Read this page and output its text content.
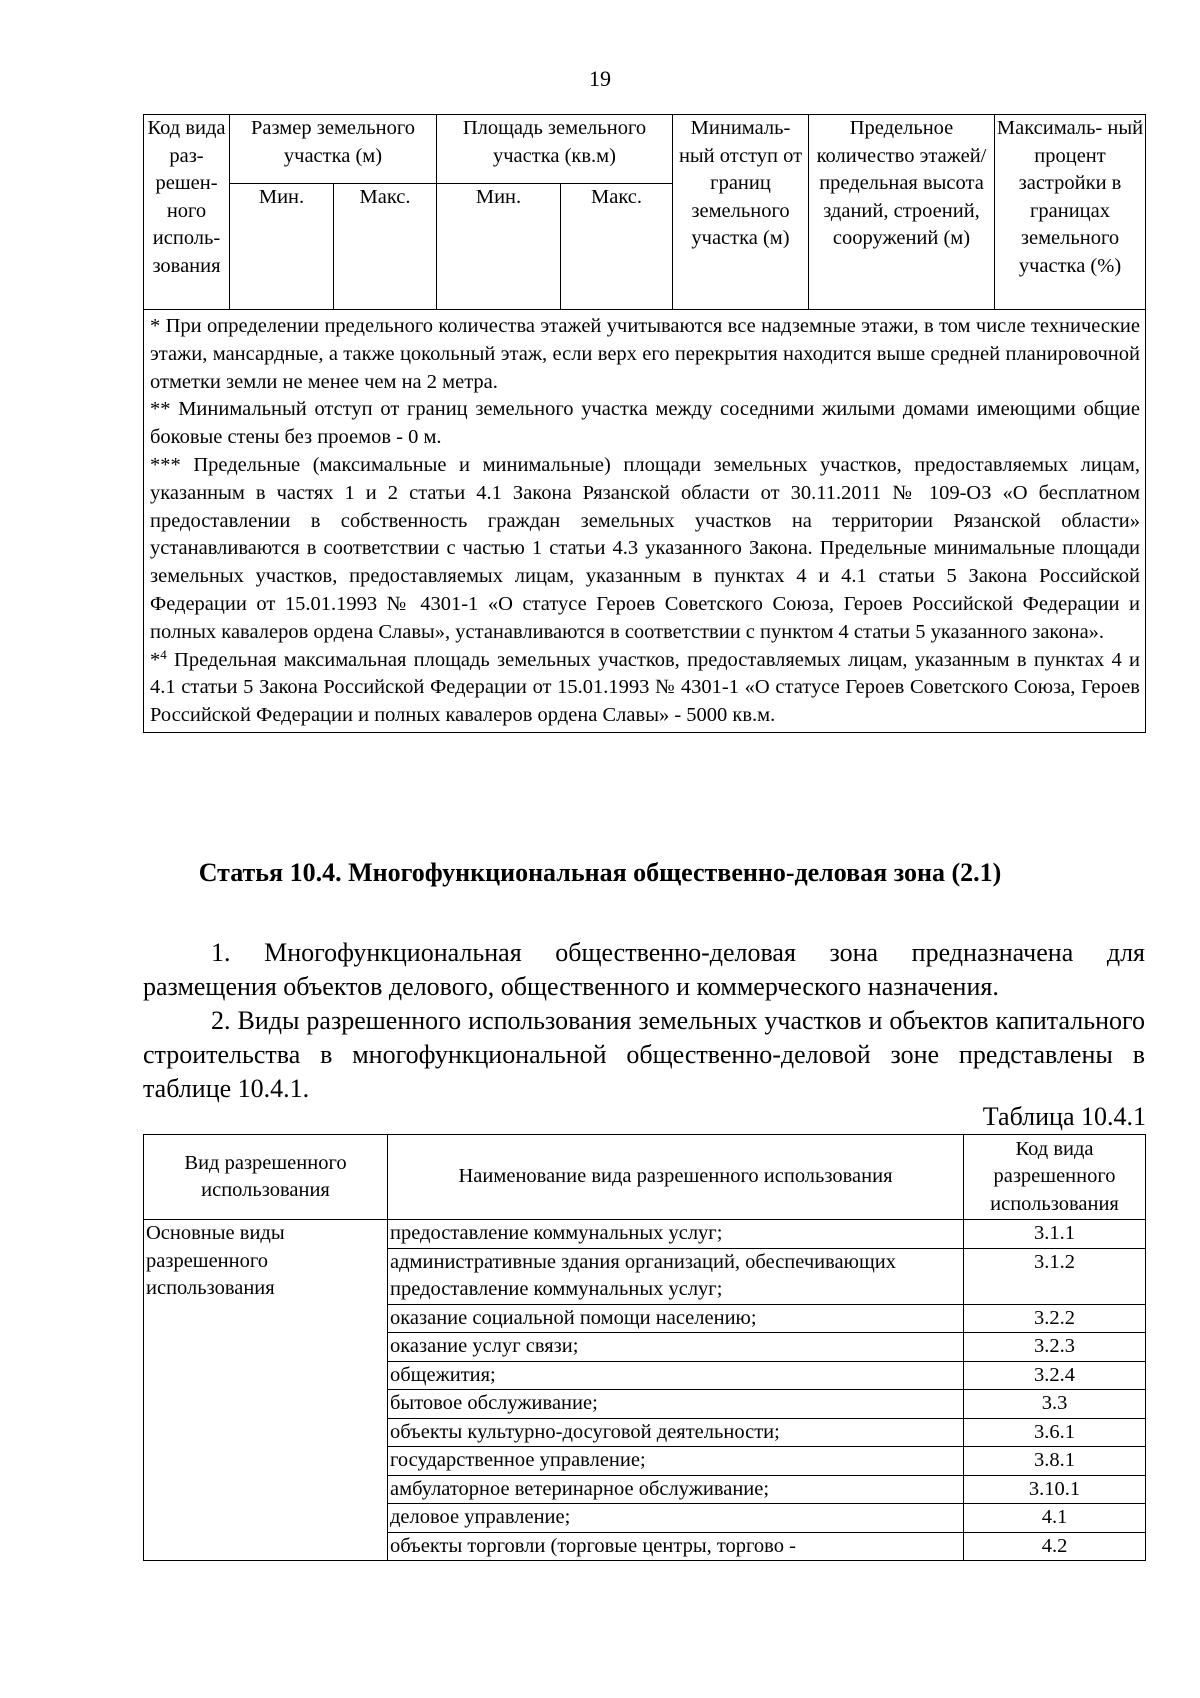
19
Код вида раз- решен- ного исполь- зования	Размер земельного участка (м)		Площадь земельного участка (кв.м)		Минималь- ный отступ от границ земельного участка (м)	Предельное количество этажей/ предельная высота зданий, строений, сооружений (м)	Максималь- ный процент застройки в границах земельного участка (%)
	Мин.	Макс.	Мин.	Макс.			

* При определении предельного количества этажей учитываются все надземные этажи, в том числе технические этажи, мансардные, а также цокольный этаж, если верх его перекрытия находится выше средней планировочной отметки земли не менее чем на 2 метра.

** Минимальный отступ от границ земельного участка между соседними жилыми домами имеющими общие боковые стены без проемов - 0 м.

*** Предельные (максимальные и минимальные) площади земельных участков, предоставляемых лицам, указанным в частях 1 и 2 статьи 4.1 Закона Рязанской области от 30.11.2011 № 109-ОЗ «О бесплатном предоставлении в собственность граждан земельных участков на территории Рязанской области» устанавливаются в соответствии с частью 1 статьи 4.3 указанного Закона. Предельные минимальные площади земельных участков, предоставляемых лицам, указанным в пунктах 4 и 4.1 статьи 5 Закона Российской Федерации от 15.01.1993 № 4301-1 «О статусе Героев Советского Союза, Героев Российской Федерации и полных кавалеров ордена Славы», устанавливаются в соответствии с пунктом 4 статьи 5 указанного закона».

*$^4$ Предельная максимальная площадь земельных участков, предоставляемых лицам, указанным в пунктах 4 и 4.1 статьи 5 Закона Российской Федерации от 15.01.1993 № 4301-1 «О статусе Героев Советского Союза, Героев Российской Федерации и полных кавалеров ордена Славы» - 5000 кв.м.							

Статья 10.4. Многофункциональная общественно-деловая зона (2.1)

1. Многофункциональная общественно-деловая зона предназначена для размещения объектов делового, общественного и коммерческого назначения.

2. Виды разрешенного использования земельных участков и объектов капитального строительства в многофункциональной общественно-деловой зоне представлены в таблице 10.4.1.

Таблица 10.4.1
Вид разрешенного использования	Наименование вида разрешенного использования	Код вида разрешенного использования
Основные виды разрешенного использования	предоставление коммунальных услуг;	3.1.1
	административные здания организаций, обеспечивающих предоставление коммунальных услуг;	3.1.2
	оказание социальной помощи населению;	3.2.2
	оказание услуг связи;	3.2.3
	общежития;	3.2.4
	бытовое обслуживание;	3.3
	объекты культурно-досуговой деятельности;	3.6.1
	государственное управление;	3.8.1
	амбулаторное ветеринарное обслуживание;	3.10.1
	деловое управление;	4.1
	объекты торговли (торговые центры, торгово -	4.2
